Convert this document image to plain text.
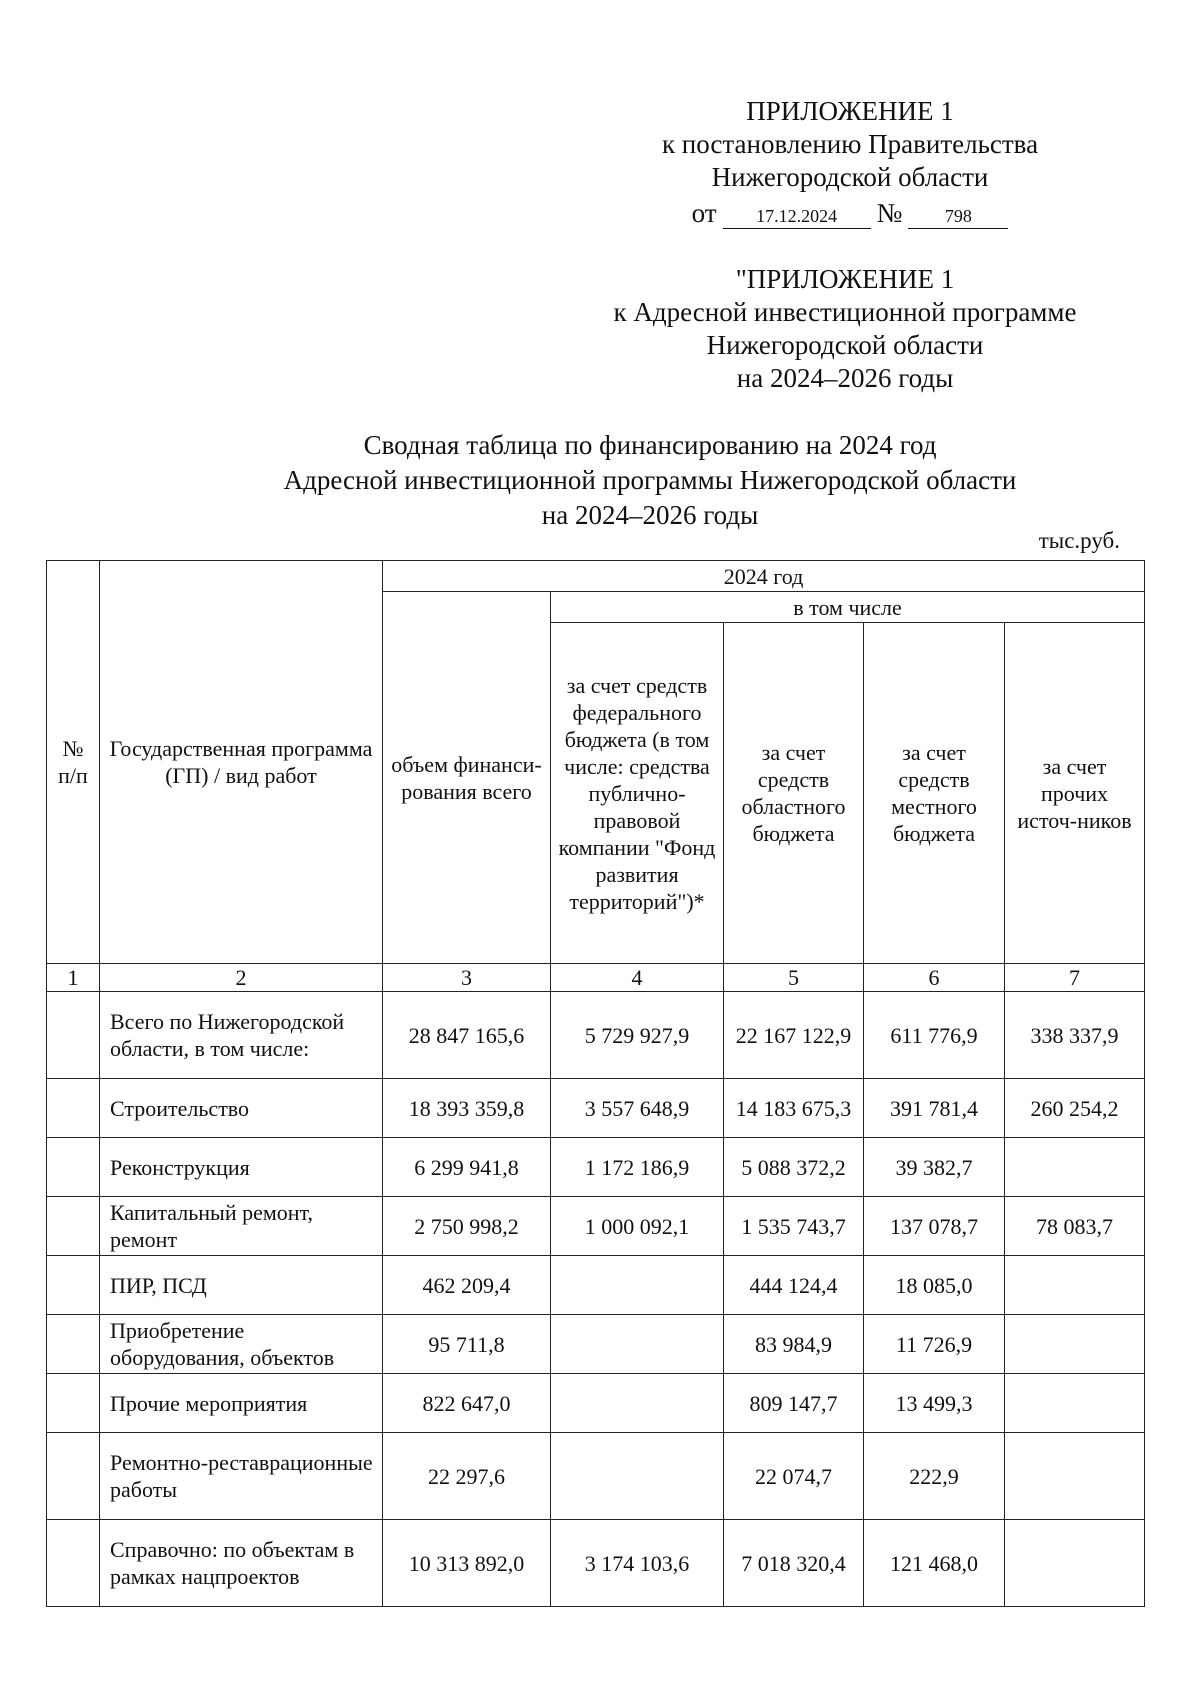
ПРИЛОЖЕНИЕ 1
к постановлению Правительства
Нижегородской области
от 17.12.2024 № 798
"ПРИЛОЖЕНИЕ 1
к Адресной инвестиционной программе
Нижегородской области
на 2024–2026 годы
Сводная таблица по финансированию на 2024 год
Адресной инвестиционной программы Нижегородской области
на 2024–2026 годы
тыс.руб.
№ п/п	Государственная программа (ГП) / вид работ	2024 год				
		объем финанси-рования всего	в том числе			
			за счет средств федерального бюджета (в том числе: средства публично-правовой компании "Фонд развития территорий")*	за счет средств областного бюджета	за счет средств местного бюджета	за счет прочих источ-ников
1	2	3	4	5	6	7
	Всего по Нижегородской области, в том числе:	28 847 165,6	5 729 927,9	22 167 122,9	611 776,9	338 337,9
	Строительство	18 393 359,8	3 557 648,9	14 183 675,3	391 781,4	260 254,2
	Реконструкция	6 299 941,8	1 172 186,9	5 088 372,2	39 382,7	
	Капитальный ремонт, ремонт	2 750 998,2	1 000 092,1	1 535 743,7	137 078,7	78 083,7
	ПИР, ПСД	462 209,4		444 124,4	18 085,0	
	Приобретение оборудования, объектов	95 711,8		83 984,9	11 726,9	
	Прочие мероприятия	822 647,0		809 147,7	13 499,3	
	Ремонтно-реставрационные работы	22 297,6		22 074,7	222,9	
	Справочно: по объектам в рамках нацпроектов	10 313 892,0	3 174 103,6	7 018 320,4	121 468,0	
